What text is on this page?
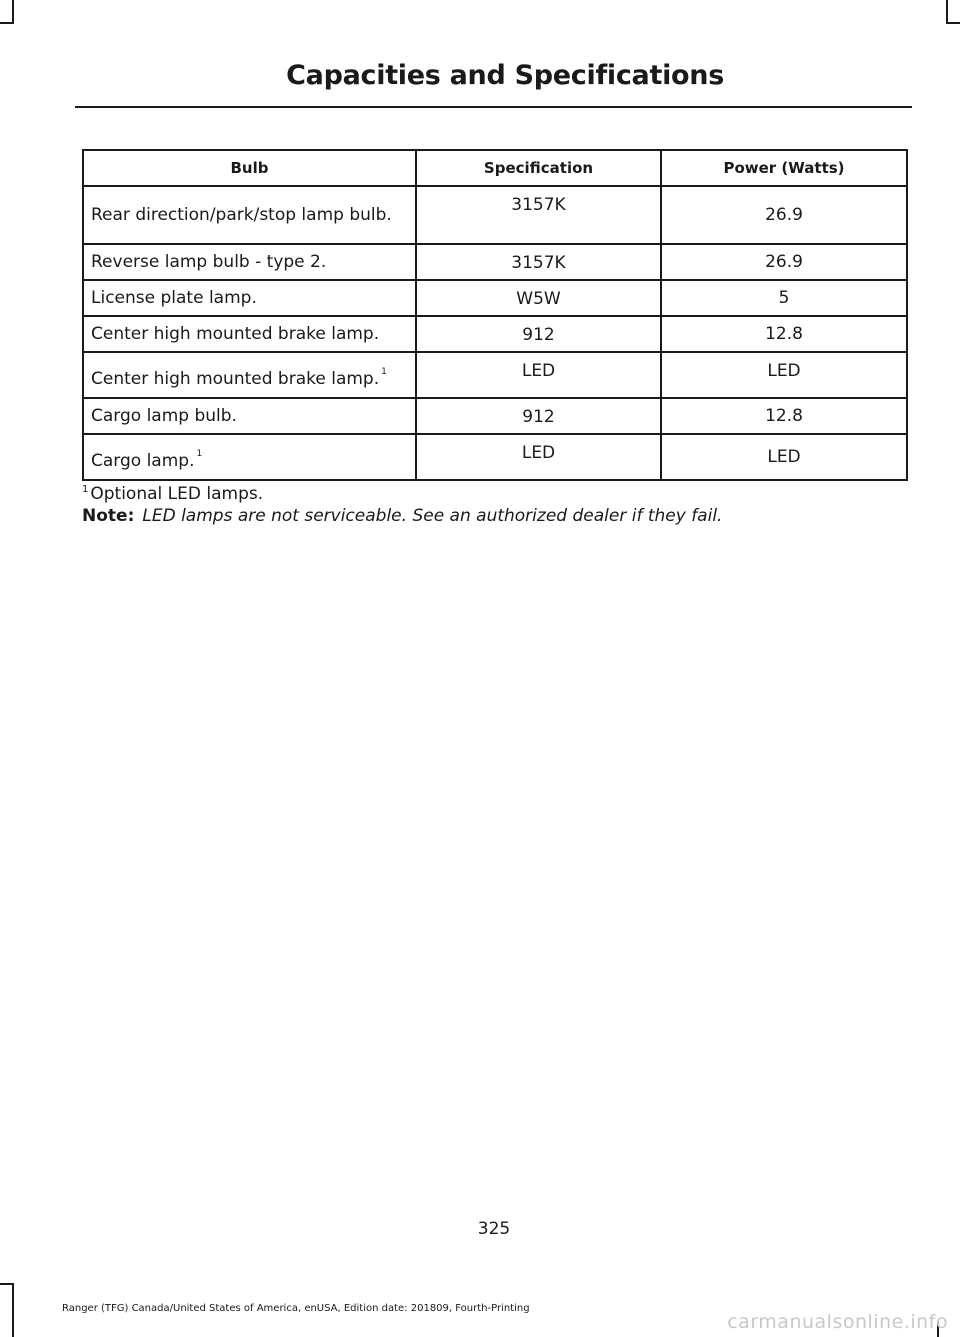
Capacities and Specifications
Bulb	Specification	Power (Watts)
Rear direction/park/stop lamp bulb.	3157K	26.9
Reverse lamp bulb - type 2.	3157K	26.9
License plate lamp.	W5W	5
Center high mounted brake lamp.	912	12.8
Center high mounted brake lamp. $^1$	LED	LED
Cargo lamp bulb.	912	12.8
Cargo lamp. $^1$	LED	LED
$^1$ Optional LED lamps.
Note: LED lamps are not serviceable. See an authorized dealer if they fail.
325
Ranger (TFG) Canada/United States of America, enUSA, Edition date: 201809, Fourth-Printing
carmanualsonline.info
